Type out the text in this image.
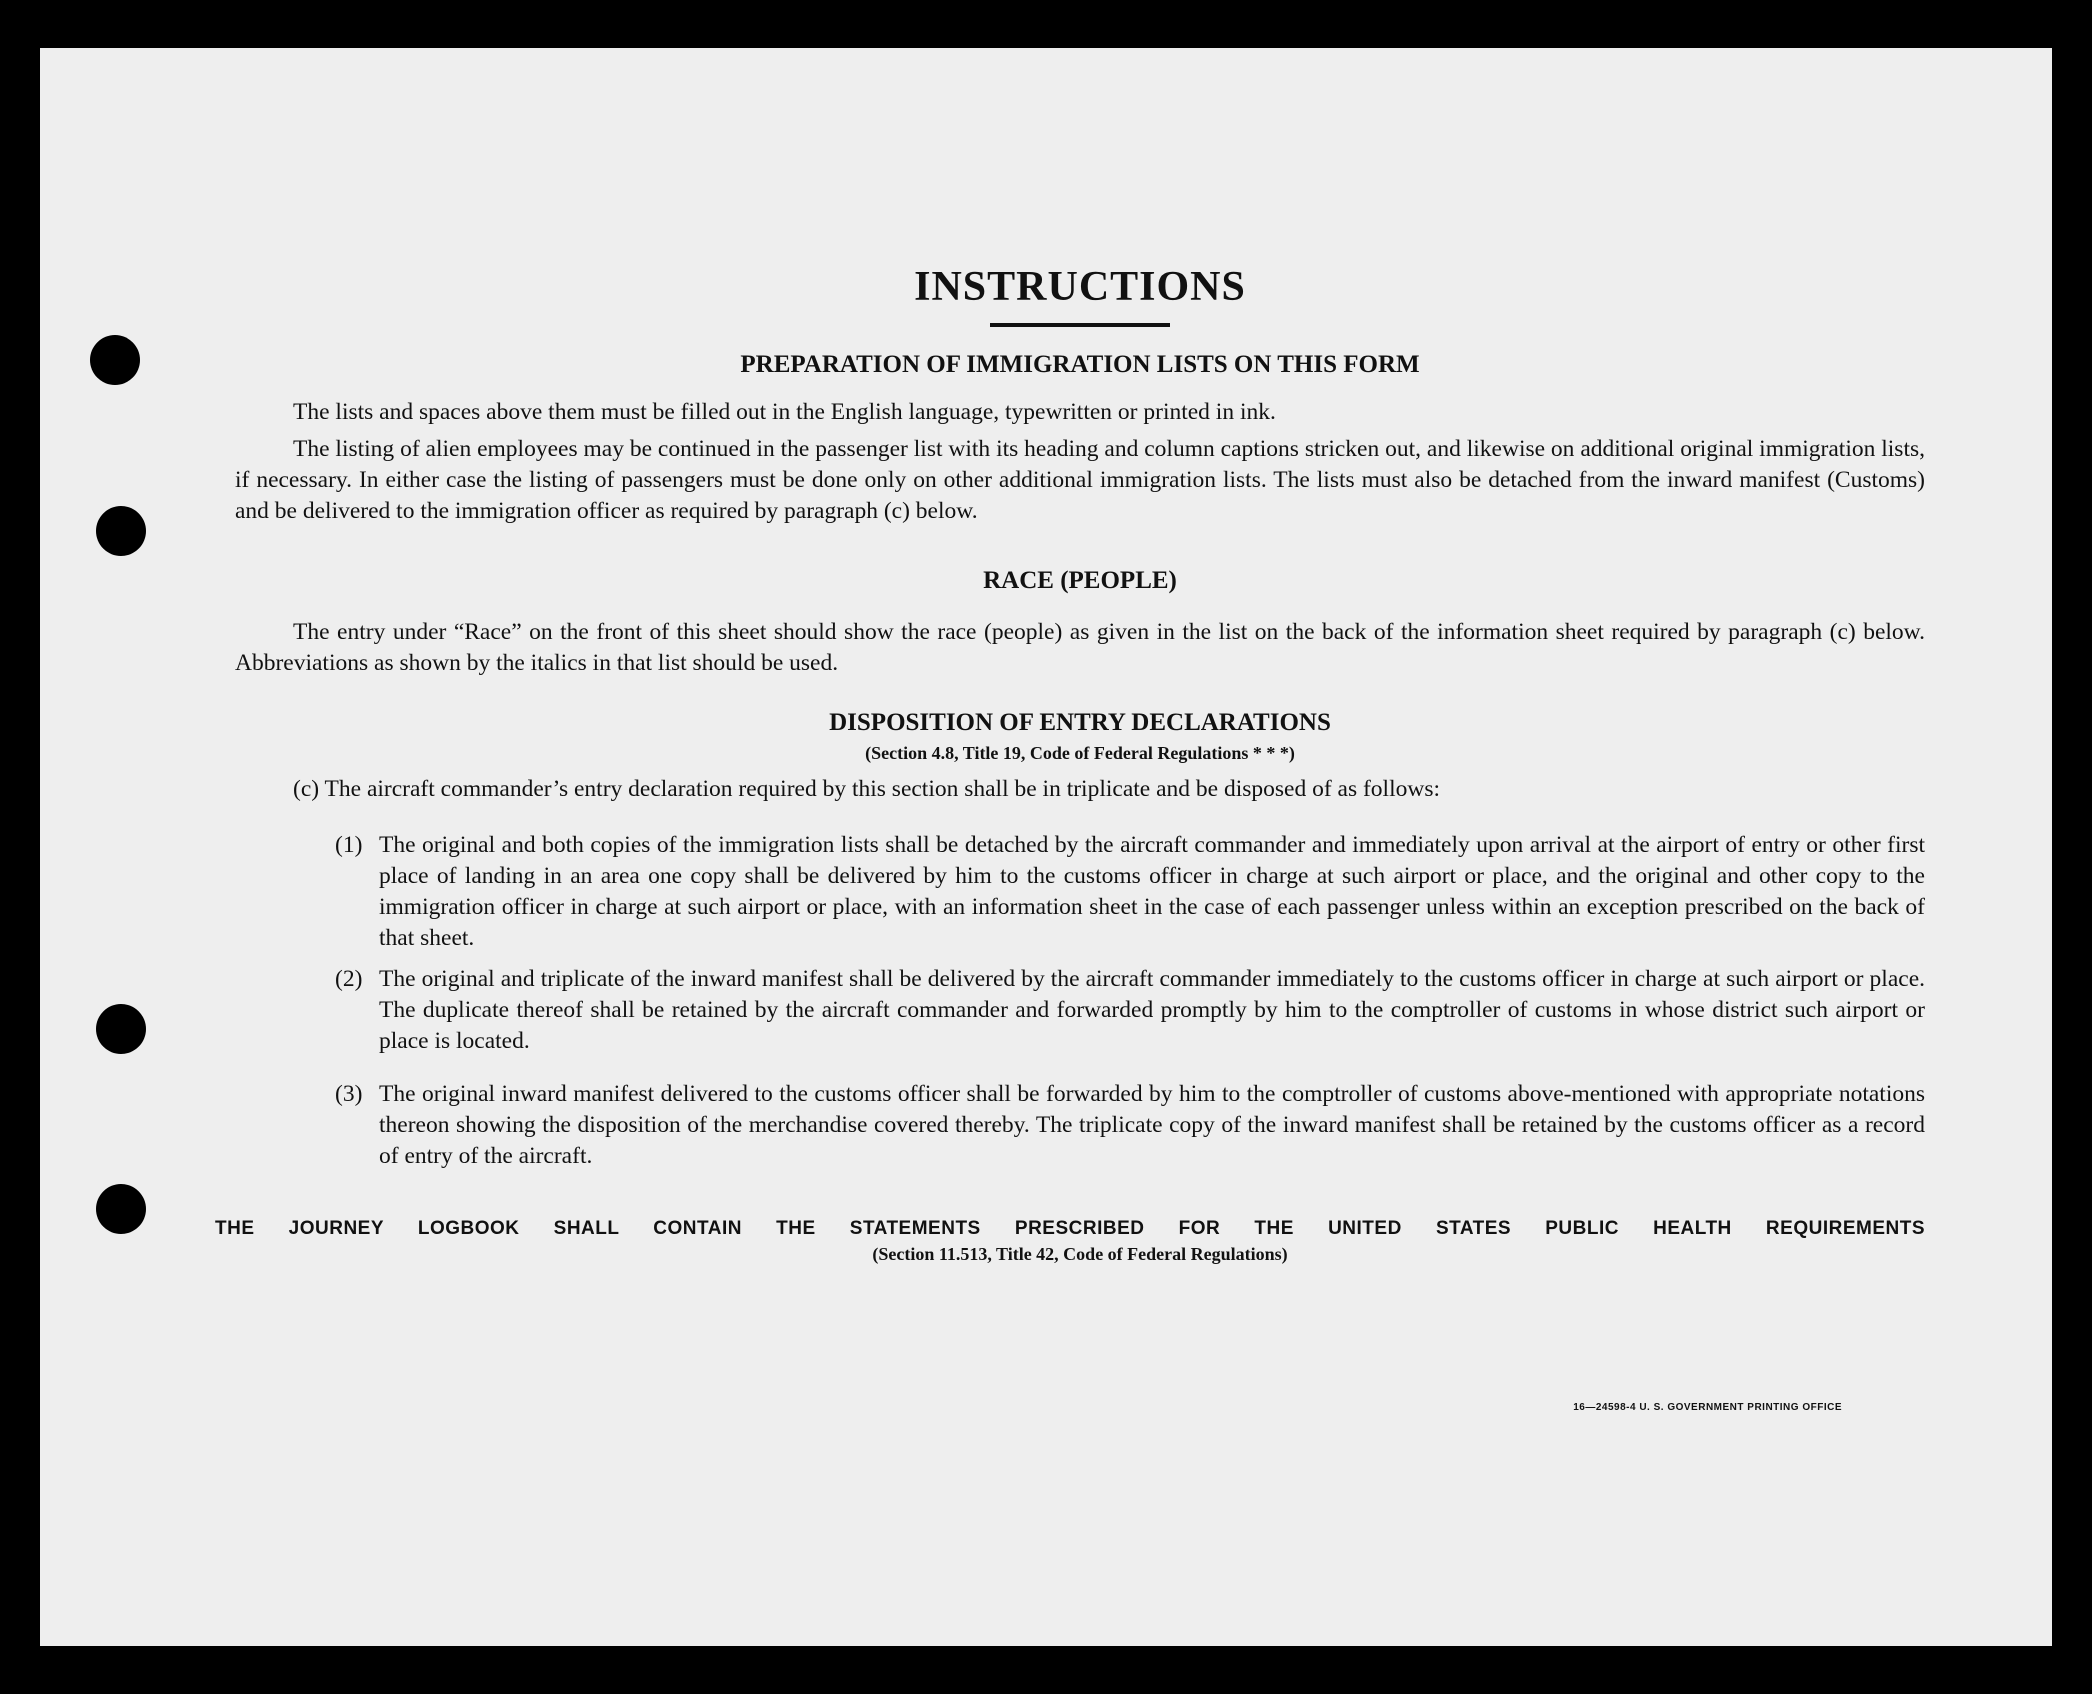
INSTRUCTIONS
PREPARATION OF IMMIGRATION LISTS ON THIS FORM

The lists and spaces above them must be filled out in the English language, typewritten or printed in ink.

The listing of alien employees may be continued in the passenger list with its heading and column captions stricken out, and likewise on additional original immigration lists, if necessary. In either case the listing of passengers must be done only on other additional immigration lists. The lists must also be detached from the inward manifest (Customs) and be delivered to the immigration officer as required by paragraph (c) below.

RACE (PEOPLE)

The entry under “Race” on the front of this sheet should show the race (people) as given in the list on the back of the information sheet required by paragraph (c) below. Abbreviations as shown by the italics in that list should be used.

DISPOSITION OF ENTRY DECLARATIONS
(Section 4.8, Title 19, Code of Federal Regulations * * *)
(c) The aircraft commander’s entry declaration required by this section shall be in triplicate and be disposed of as follows:
(1) The original and both copies of the immigration lists shall be detached by the aircraft commander and immediately upon arrival at the airport of entry or other first place of landing in an area one copy shall be delivered by him to the customs officer in charge at such airport or place, and the original and other copy to the immigration officer in charge at such airport or place, with an information sheet in the case of each passenger unless within an exception prescribed on the back of that sheet.
(2) The original and triplicate of the inward manifest shall be delivered by the aircraft commander immediately to the customs officer in charge at such airport or place. The duplicate thereof shall be retained by the aircraft commander and forwarded promptly by him to the comptroller of customs in whose district such airport or place is located.
(3) The original inward manifest delivered to the customs officer shall be forwarded by him to the comptroller of customs above-mentioned with appropriate notations thereon showing the disposition of the merchandise covered thereby. The triplicate copy of the inward manifest shall be retained by the customs officer as a record of entry of the aircraft.
THE JOURNEY LOGBOOK SHALL CONTAIN THE STATEMENTS PRESCRIBED FOR THE UNITED STATES PUBLIC HEALTH REQUIREMENTS
(Section 11.513, Title 42, Code of Federal Regulations)
16—24598-4 U. S. GOVERNMENT PRINTING OFFICE
